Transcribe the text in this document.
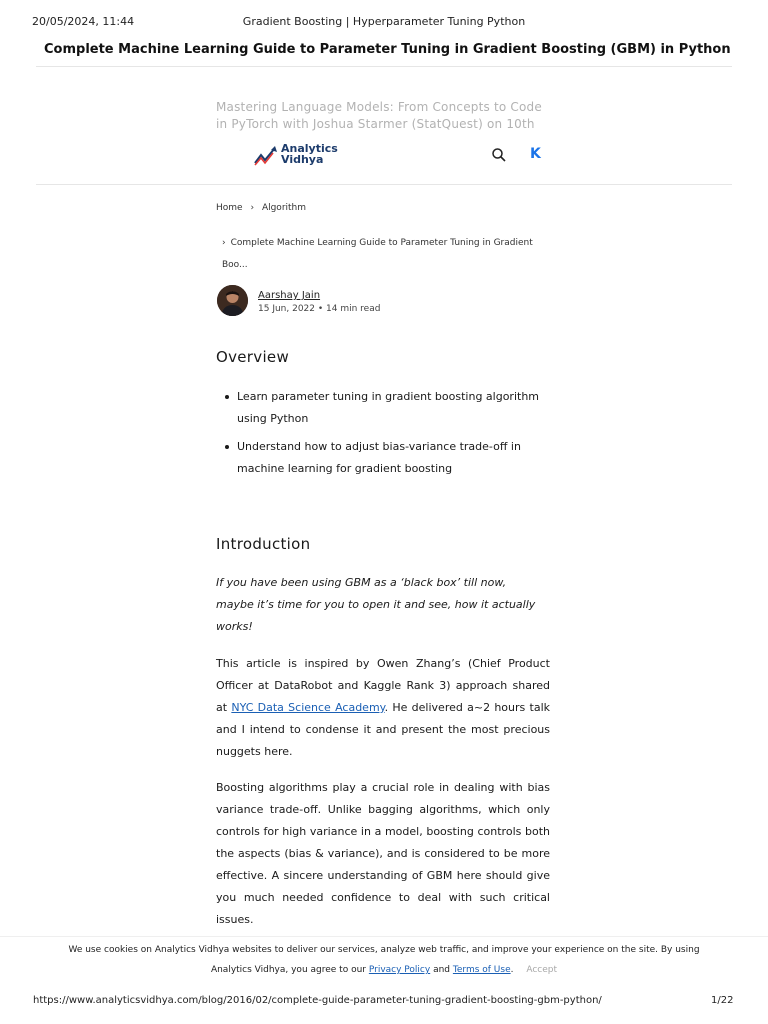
20/05/2024, 11:44	Gradient Boosting | Hyperparameter Tuning Python
Complete Machine Learning Guide to Parameter Tuning in Gradient Boosting (GBM) in Python
Mastering Language Models: From Concepts to Code in PyTorch with Joshua Starmer (StatQuest) on 10th
Analytics
Vidhya	K
Home › Algorithm
› Complete Machine Learning Guide to Parameter Tuning in Gradient
Boo...
Aarshay Jain
15 Jun, 2022 • 14 min read
Overview
Learn parameter tuning in gradient boosting algorithm
using Python
Understand how to adjust bias-variance trade-off in
machine learning for gradient boosting
Introduction
If you have been using GBM as a ‘black box’ till now,
maybe it’s time for you to open it and see, how it actually
works!

This article is inspired by Owen Zhang’s (Chief Product Officer at DataRobot and Kaggle Rank 3) approach shared at NYC Data Science Academy. He delivered a~2 hours talk and I intend to condense it and present the most precious nuggets here.

Boosting algorithms play a crucial role in dealing with bias variance trade-off. Unlike bagging algorithms, which only controls for high variance in a model, boosting controls both the aspects (bias & variance), and is considered to be more effective. A sincere understanding of GBM here should give you much needed confidence to deal with such critical issues.

We use cookies on Analytics Vidhya websites to deliver our services, analyze web traffic, and improve your experience on the site. By using
Analytics Vidhya, you agree to our Privacy Policy and Terms of Use. Accept
https://www.analyticsvidhya.com/blog/2016/02/complete-guide-parameter-tuning-gradient-boosting-gbm-python/	1/22
